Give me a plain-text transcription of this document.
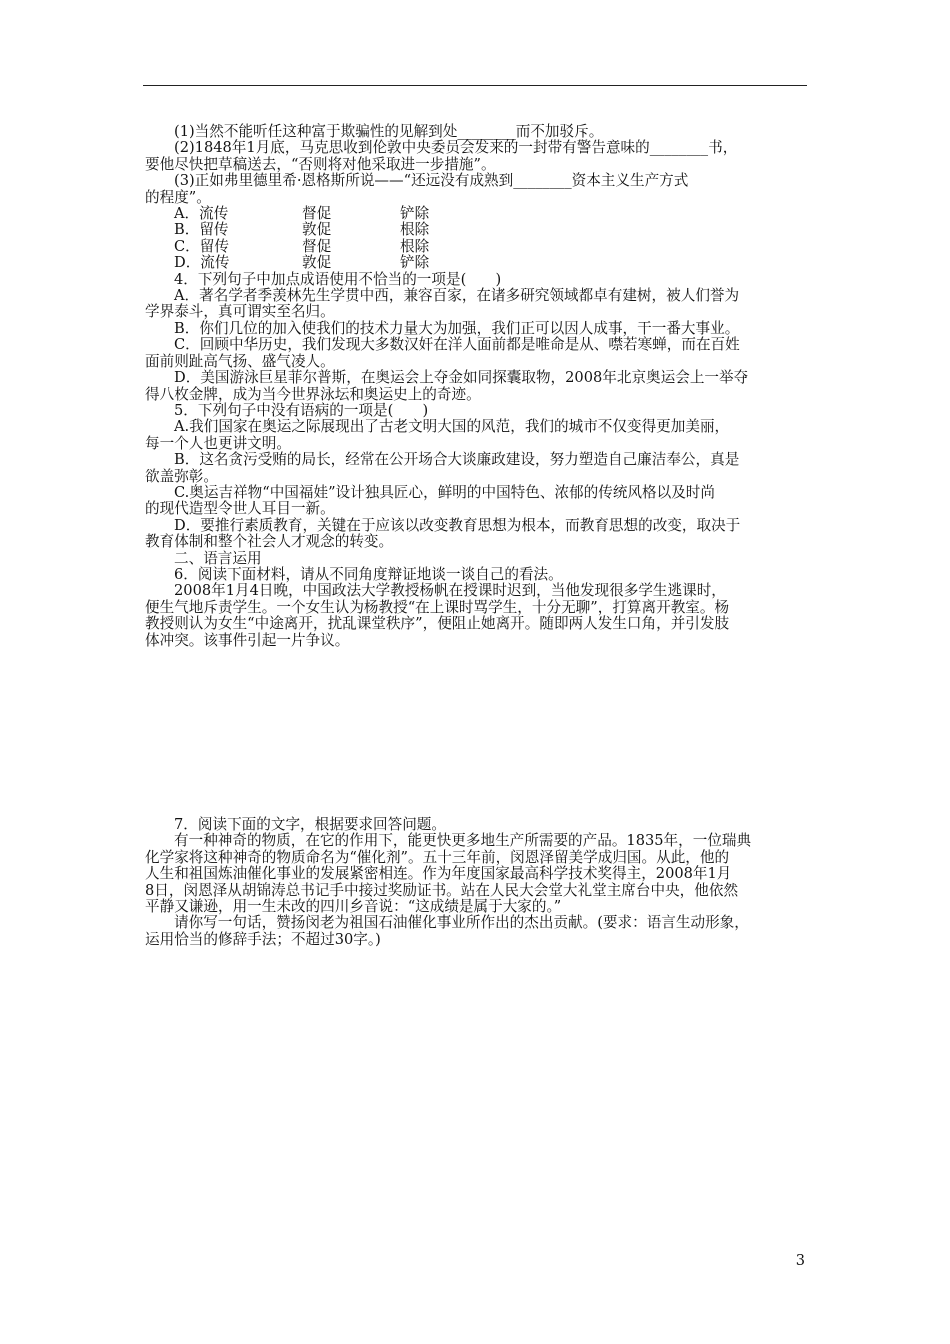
(1)当然不能听任这种富于欺骗性的见解到处________而不加驳斥。
(2)1848年1月底，马克思收到伦敦中央委员会发来的一封带有警告意味的________书，
要他尽快把草稿送去，“否则将对他采取进一步措施”。
(3)正如弗里德里希·恩格斯所说——“还远没有成熟到________资本主义生产方式
的程度”。
A．流传	督促	铲除
B．留传	敦促	根除
C．留传	督促	根除
D．流传	敦促	铲除
4．下列句子中加点成语使用不恰当的一项是(　　)
A．著名学者季羡林先生学贯中西，兼容百家，在诸多研究领域都卓有建树，被人们誉为
学界泰斗，真可谓实至名归。
B．你们几位的加入使我们的技术力量大为加强，我们正可以因人成事，干一番大事业。
C．回顾中华历史，我们发现大多数汉奸在洋人面前都是唯命是从、噤若寒蝉，而在百姓
面前则趾高气扬、盛气凌人。
D．美国游泳巨星菲尔普斯，在奥运会上夺金如同探囊取物，2008年北京奥运会上一举夺
得八枚金牌，成为当今世界泳坛和奥运史上的奇迹。
5．下列句子中没有语病的一项是(　　)
A.我们国家在奥运之际展现出了古老文明大国的风范，我们的城市不仅变得更加美丽，
每一个人也更讲文明。
B．这名贪污受贿的局长，经常在公开场合大谈廉政建设，努力塑造自己廉洁奉公，真是
欲盖弥彰。
C.奥运吉祥物“中国福娃”设计独具匠心，鲜明的中国特色、浓郁的传统风格以及时尚
的现代造型令世人耳目一新。
D．要推行素质教育，关键在于应该以改变教育思想为根本，而教育思想的改变，取决于
教育体制和整个社会人才观念的转变。
二、语言运用
6．阅读下面材料，请从不同角度辩证地谈一谈自己的看法。
2008年1月4日晚，中国政法大学教授杨帆在授课时迟到，当他发现很多学生逃课时，
便生气地斥责学生。一个女生认为杨教授“在上课时骂学生，十分无聊”，打算离开教室。杨
教授则认为女生“中途离开，扰乱课堂秩序”，便阻止她离开。随即两人发生口角，并引发肢
体冲突。该事件引起一片争议。
7．阅读下面的文字，根据要求回答问题。
有一种神奇的物质，在它的作用下，能更快更多地生产所需要的产品。1835年，一位瑞典
化学家将这种神奇的物质命名为“催化剂”。五十三年前，闵恩泽留美学成归国。从此，他的
人生和祖国炼油催化事业的发展紧密相连。作为年度国家最高科学技术奖得主，2008年1月
8日，闵恩泽从胡锦涛总书记手中接过奖励证书。站在人民大会堂大礼堂主席台中央，他依然
平静又谦逊，用一生未改的四川乡音说：“这成绩是属于大家的。”
请你写一句话，赞扬闵老为祖国石油催化事业所作出的杰出贡献。(要求：语言生动形象，
运用恰当的修辞手法；不超过30字。)
3
